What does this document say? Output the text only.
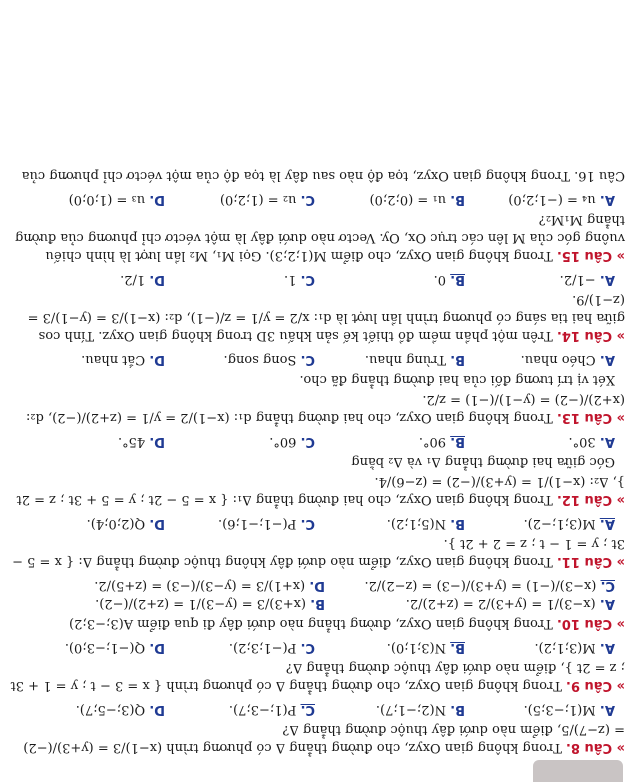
» Câu 8. Trong không gian Oxyz, cho đường thẳng Δ có phương trình (x−1)/3 = (y+3)/(−2) = (z−7)/5, điểm nào dưới đây thuộc đường thẳng Δ?
A. M(1;−3;5).
B. N(2;−1;7).
C. P(1;−3;7).
D. Q(3;−5;7).
» Câu 9. Trong không gian Oxyz, cho đường thẳng Δ có phương trình { x = 3 − t ; y = 1 + 3t ; z = 2t }, điểm nào dưới đây thuộc đường thẳng Δ?
A. M(3;1;2).
B. N(3;1;0).
C. P(−1;3;2).
D. Q(−1;−3;0).
» Câu 10. Trong không gian Oxyz, đường thẳng nào dưới đây đi qua điểm A(3;−3;2)
A. (x−3)/1 = (y+3)/2 = (z+2)/2.
B. (x+3)/3 = (y−3)/1 = (z+2)/(−2).
C. (x−3)/(−1) = (y+3)/(−3) = (z−2)/2.
D. (x+1)/3 = (y−3)/(−3) = (z+5)/2.
» Câu 11. Trong không gian Oxyz, điểm nào dưới đây không thuộc đường thẳng Δ: { x = 5 − 3t ; y = 1 − t ; z = 2 + 2t }.
A. M(3;1;−2).
B. N(5;1;2).
C. P(−1;−1;6).
D. Q(2;0;4).
» Câu 12. Trong không gian Oxyz, cho hai đường thẳng Δ₁: { x = 5 − 2t ; y = 5 + 3t ; z = 2t }, Δ₂: (x−1)/1 = (y+3)/(−2) = (z−6)/4.
Góc giữa hai đường thẳng Δ₁ và Δ₂ bằng
A. 30°.
B. 90°.
C. 60°.
D. 45°.
» Câu 13. Trong không gian Oxyz, cho hai đường thẳng d₁: (x−1)/2 = y/1 = (z+2)/(−2), d₂: (x+2)/(−2) = (y−1)/(−1) = z/2.
Xét vị trí tương đối của hai đường thẳng đã cho.
A. Chéo nhau.
B. Trùng nhau.
C. Song song.
D. Cắt nhau.
» Câu 14. Trên một phần mềm đồ thiết kế sản khấu 3D trong không gian Oxyz. Tính cos giữa hai tia sáng có phương trình lần lượt là d₁: x/2 = y/1 = z/(−1), d₂: (x−1)/3 = (y−1)/3 = (z−1)/9.
A. −1/2.
B. 0.
C. 1.
D. 1/2.
» Câu 15. Trong không gian Oxyz, cho điểm M(1;2;3). Gọi M₁, M₂ lần lượt là hình chiếu vuông góc của M lên các trục Ox, Oy. Vectơ nào dưới đây là một véctơ chỉ phương của đường thẳng M₁M₂?
A. u₄ = (−1;2;0)
B. u₁ = (0;2;0)
C. u₂ = (1;2;0)
D. u₃ = (1;0;0)
Câu 16. Trong không gian Oxyz, tọa độ nào sau đây là tọa độ của một véctơ chỉ phương của
